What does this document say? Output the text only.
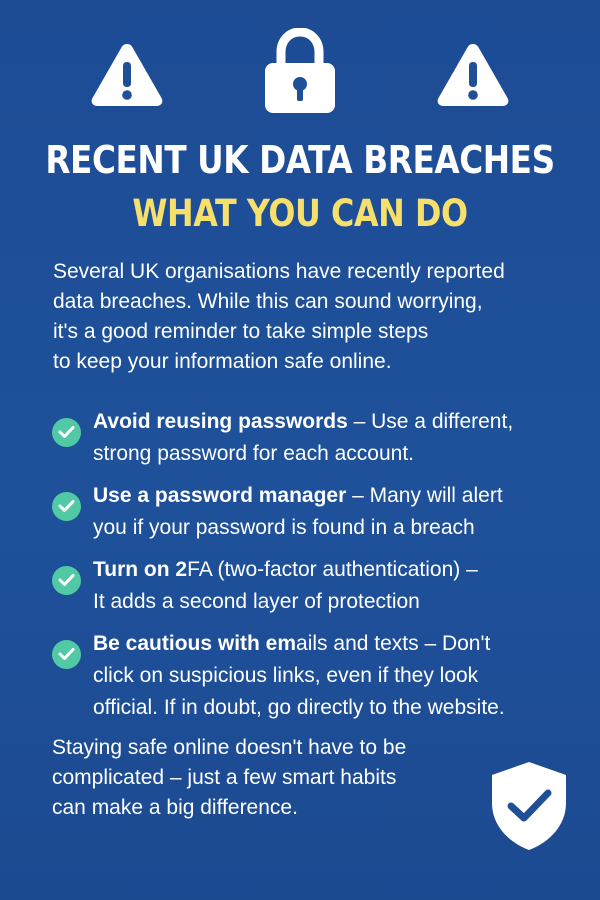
RECENT UK DATA BREACHES
WHAT YOU CAN DO
Several UK organisations have recently reported
data breaches. While this can sound worrying,
it's a good reminder to take simple steps
to keep your information safe online.
Avoid reusing passwords – Use a different,
strong password for each account.
Use a password manager – Many will alert
you if your password is found in a breach
Turn on 2FA (two-factor authentication) –
It adds a second layer of protection
Be cautious with emails and texts – Don't
click on suspicious links, even if they look
official. If in doubt, go directly to the website.
Staying safe online doesn't have to be
complicated – just a few smart habits
can make a big difference.
